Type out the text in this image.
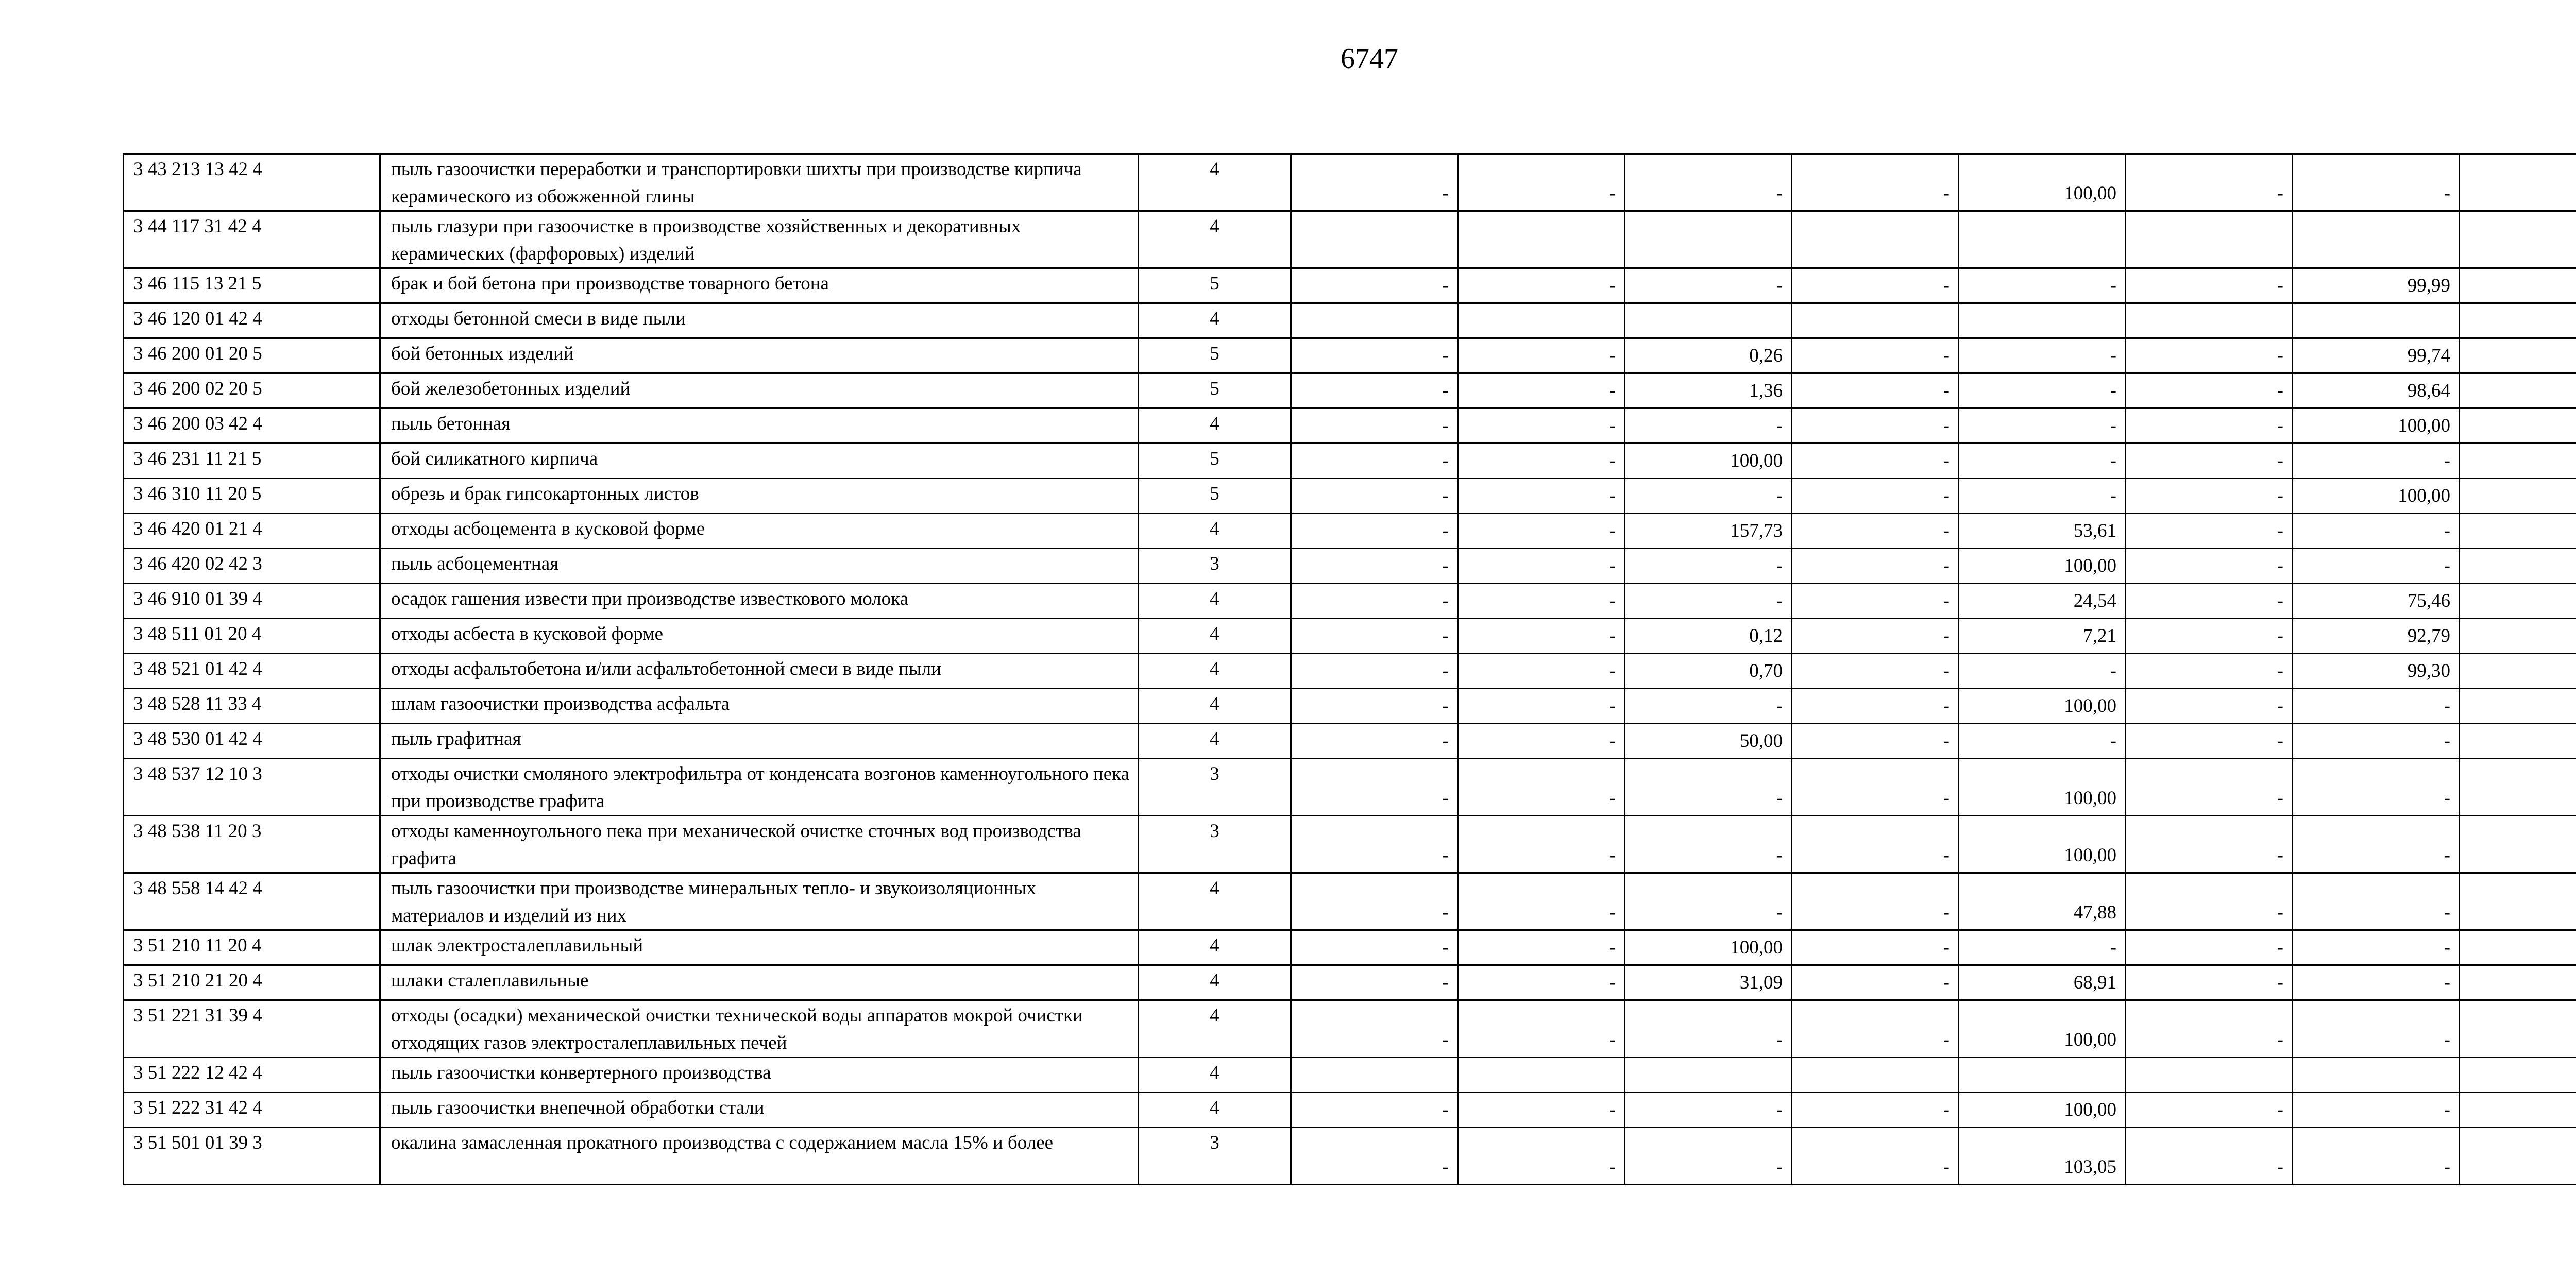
6747
3 43 213 13 42 4	пыль газоочистки переработки и транспортировки шихты при производстве кирпича керамического из обожженной глины	4	-	-	-	-	100,00	-	-	
3 44 117 31 42 4	пыль глазури при газоочистке в производстве хозяйственных и декоративных керамических (фарфоровых) изделий	4								
3 46 115 13 21 5	брак и бой бетона при производстве товарного бетона	5	-	-	-	-	-	-	99,99	
3 46 120 01 42 4	отходы бетонной смеси в виде пыли	4								
3 46 200 01 20 5	бой бетонных изделий	5	-	-	0,26	-	-	-	99,74	
3 46 200 02 20 5	бой железобетонных изделий	5	-	-	1,36	-	-	-	98,64	
3 46 200 03 42 4	пыль бетонная	4	-	-	-	-	-	-	100,00	
3 46 231 11 21 5	бой силикатного кирпича	5	-	-	100,00	-	-	-	-	
3 46 310 11 20 5	обрезь и брак гипсокартонных листов	5	-	-	-	-	-	-	100,00	
3 46 420 01 21 4	отходы асбоцемента в кусковой форме	4	-	-	157,73	-	53,61	-	-	
3 46 420 02 42 3	пыль асбоцементная	3	-	-	-	-	100,00	-	-	
3 46 910 01 39 4	осадок гашения извести при производстве известкового молока	4	-	-	-	-	24,54	-	75,46	
3 48 511 01 20 4	отходы асбеста в кусковой форме	4	-	-	0,12	-	7,21	-	92,79	
3 48 521 01 42 4	отходы асфальтобетона и/или асфальтобетонной смеси в виде пыли	4	-	-	0,70	-	-	-	99,30	
3 48 528 11 33 4	шлам газоочистки производства асфальта	4	-	-	-	-	100,00	-	-	
3 48 530 01 42 4	пыль графитная	4	-	-	50,00	-	-	-	-	
3 48 537 12 10 3	отходы очистки смоляного электрофильтра от конденсата возгонов каменноугольного пека при производстве графита	3	-	-	-	-	100,00	-	-	
3 48 538 11 20 3	отходы каменноугольного пека при механической очистке сточных вод производства графита	3	-	-	-	-	100,00	-	-	
3 48 558 14 42 4	пыль газоочистки при производстве минеральных тепло- и звукоизоляционных материалов и изделий из них	4	-	-	-	-	47,88	-	-	
3 51 210 11 20 4	шлак электросталеплавильный	4	-	-	100,00	-	-	-	-	
3 51 210 21 20 4	шлаки сталеплавильные	4	-	-	31,09	-	68,91	-	-	
3 51 221 31 39 4	отходы (осадки) механической очистки технической воды аппаратов мокрой очистки отходящих газов электросталеплавильных печей	4	-	-	-	-	100,00	-	-	
3 51 222 12 42 4	пыль газоочистки конвертерного производства	4								
3 51 222 31 42 4	пыль газоочистки внепечной обработки стали	4	-	-	-	-	100,00	-	-	
3 51 501 01 39 3	окалина замасленная прокатного производства с содержанием масла 15% и более	3	-	-	-	-	103,05	-	-	
